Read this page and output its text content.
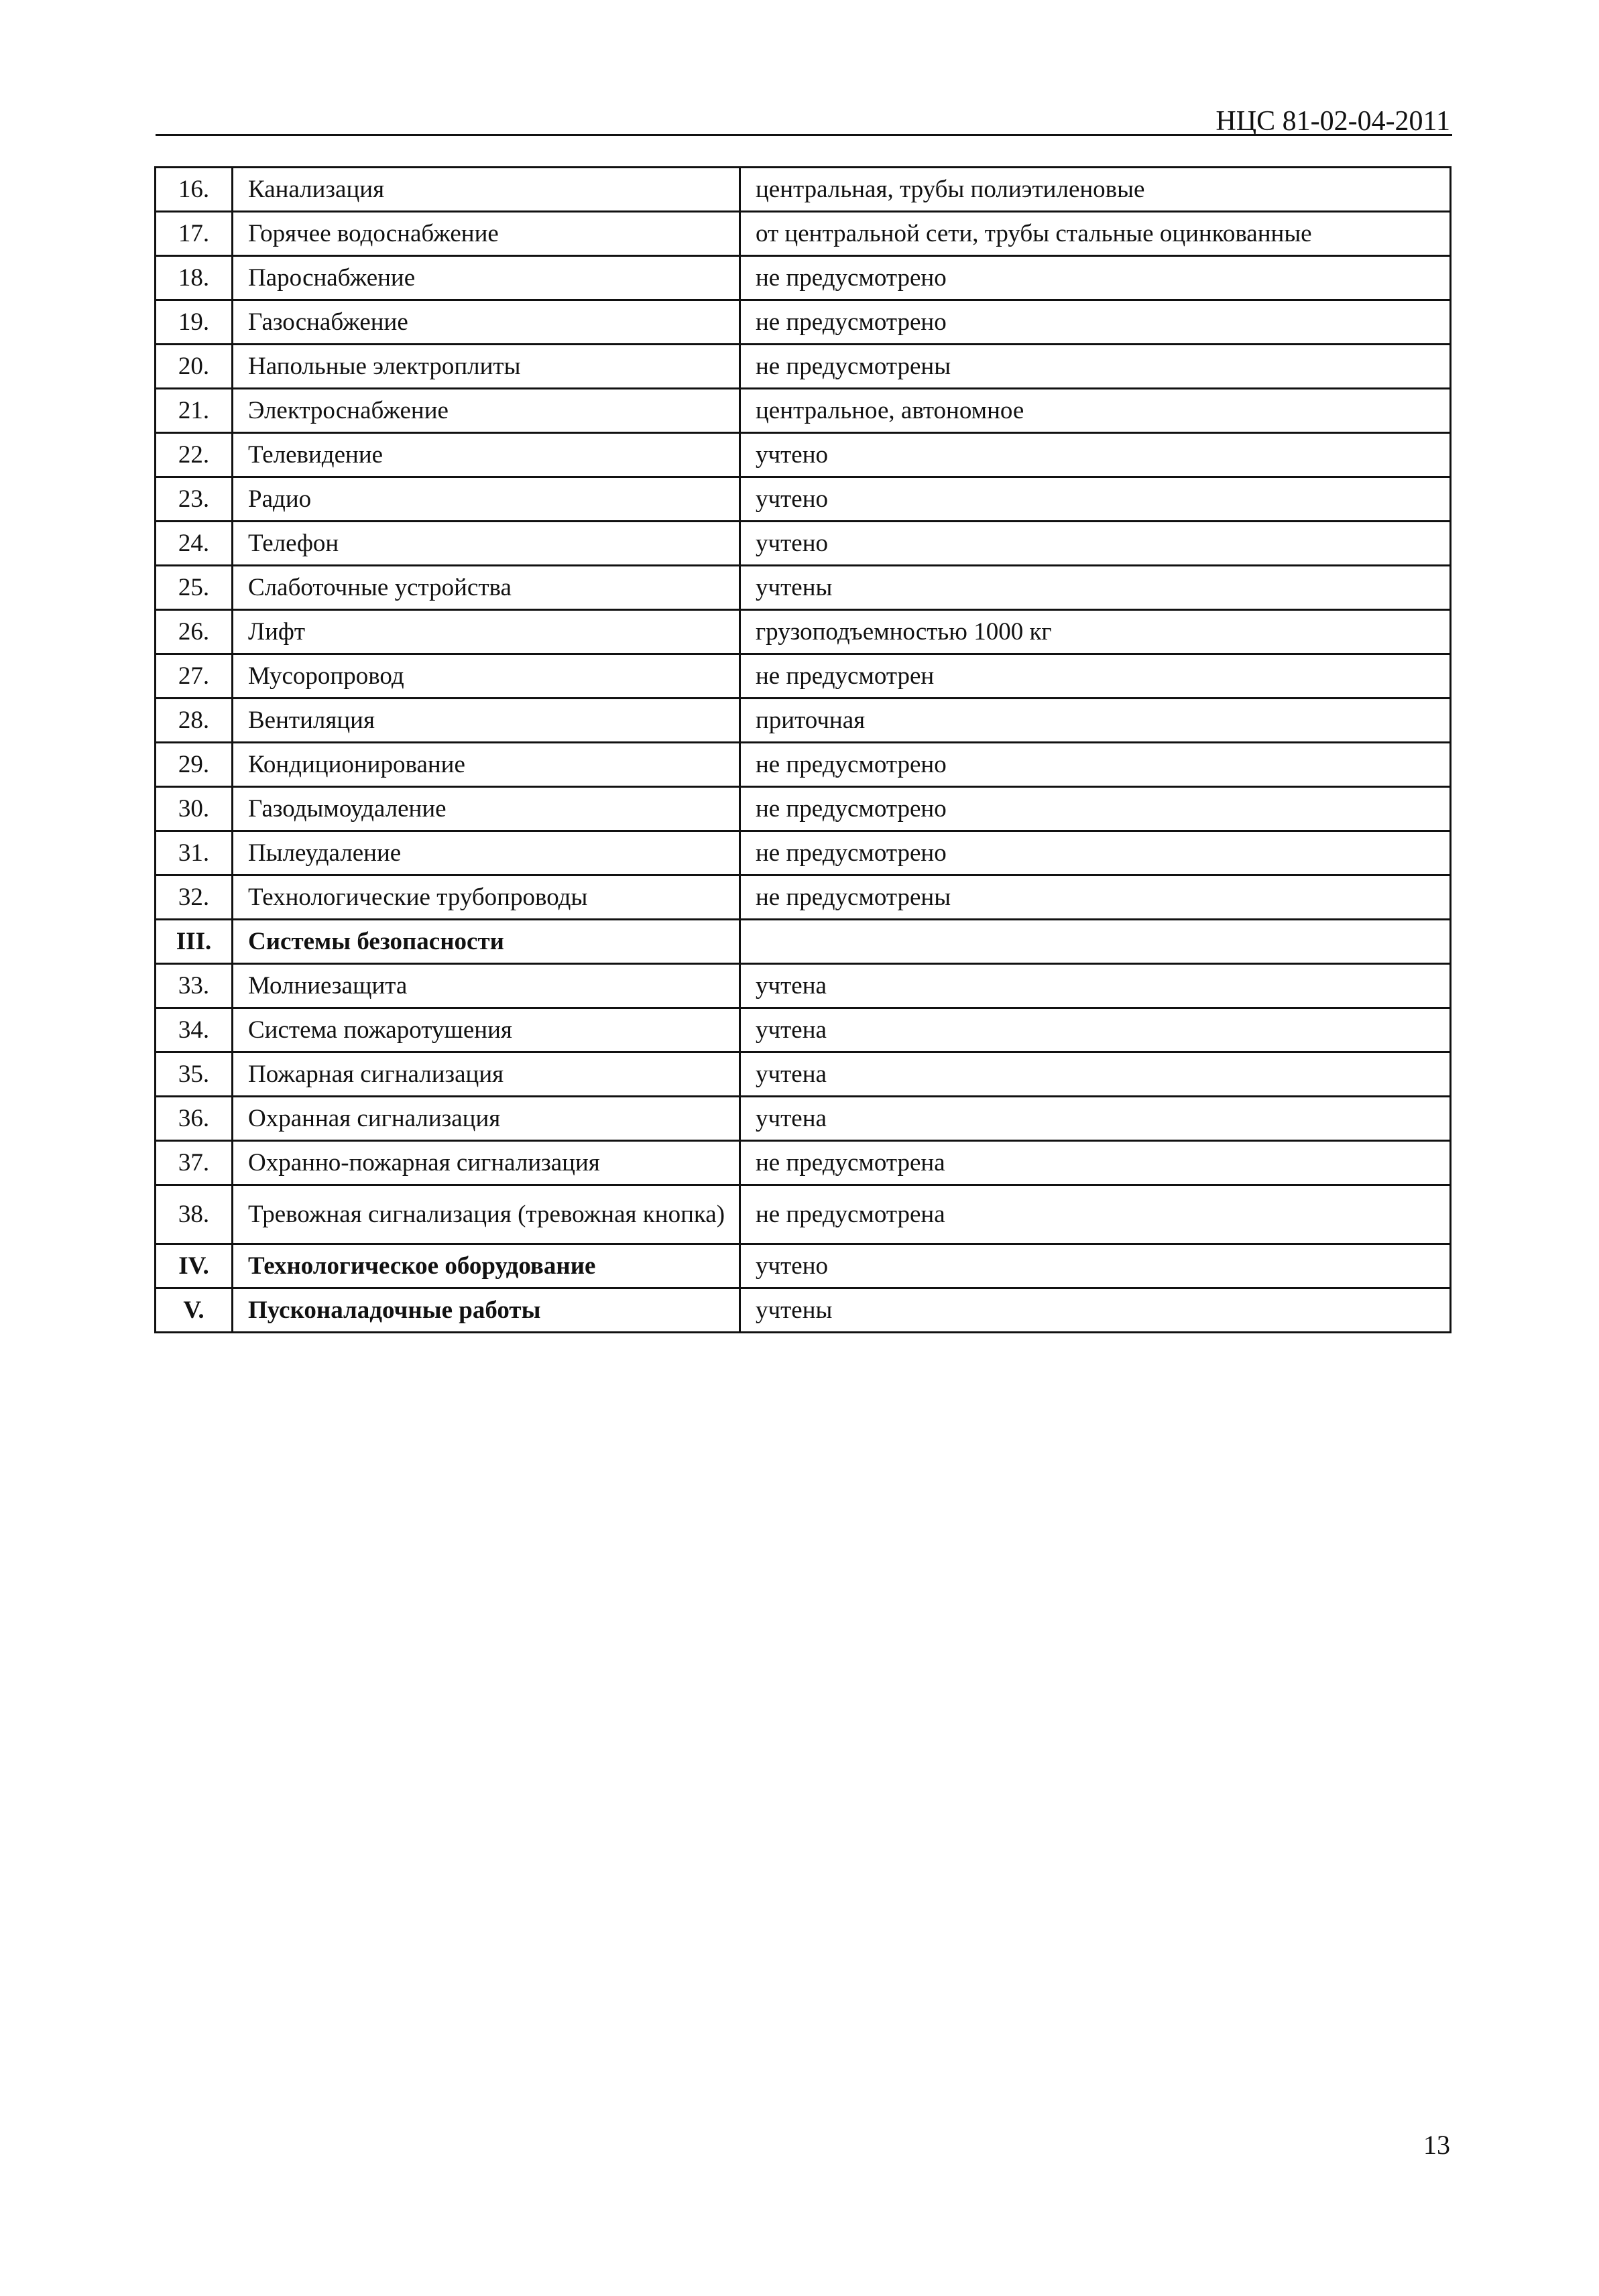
НЦС 81-02-04-2011
16.	Канализация	центральная, трубы полиэтиленовые
17.	Горячее водоснабжение	от центральной сети, трубы стальные оцинкованные
18.	Пароснабжение	не предусмотрено
19.	Газоснабжение	не предусмотрено
20.	Напольные электроплиты	не предусмотрены
21.	Электроснабжение	центральное, автономное
22.	Телевидение	учтено
23.	Радио	учтено
24.	Телефон	учтено
25.	Слаботочные устройства	учтены
26.	Лифт	грузоподъемностью 1000 кг
27.	Мусоропровод	не предусмотрен
28.	Вентиляция	приточная
29.	Кондиционирование	не предусмотрено
30.	Газодымоудаление	не предусмотрено
31.	Пылеудаление	не предусмотрено
32.	Технологические трубопроводы	не предусмотрены
III.	Системы безопасности	
33.	Молниезащита	учтена
34.	Система пожаротушения	учтена
35.	Пожарная сигнализация	учтена
36.	Охранная сигнализация	учтена
37.	Охранно-пожарная сигнализация	не предусмотрена
38.	Тревожная сигнализация (тревожная кнопка)	не предусмотрена
IV.	Технологическое оборудование	учтено
V.	Пусконаладочные работы	учтены
13
